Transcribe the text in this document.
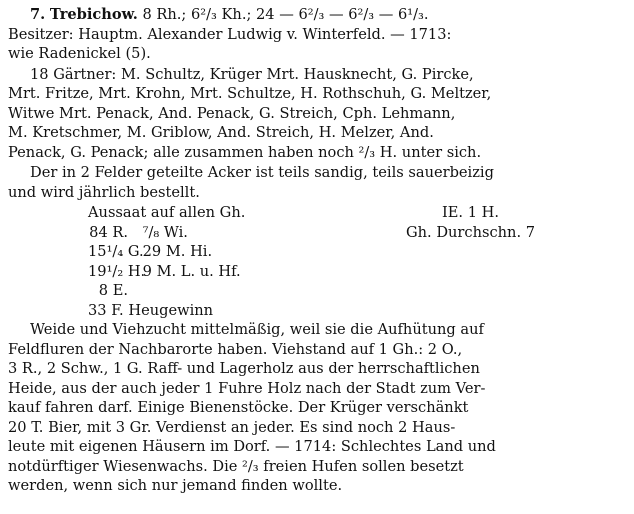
7. Trebichow. 8 Rh.; 6²/₃ Kh.; 24 — 6²/₃ — 6²/₃ — 6¹/₃.

Besitzer: Hauptm. Alexander Ludwig v. Winterfeld. — 1713:
wie Radenickel (5).
18 Gärtner: M. Schultz, Krüger Mrt. Hausknecht, G. Pircke,
Mrt. Fritze, Mrt. Krohn, Mrt. Schultze, H. Rothschuh, G. Meltzer,
Witwe Mrt. Penack, And. Penack, G. Streich, Cph. Lehmann,
M. Kretschmer, M. Griblow, And. Streich, H. Melzer, And.
Penack, G. Penack; alle zusammen haben noch ²/₃ H. unter sich.
Der in 2 Felder geteilte Acker ist teils sandig, teils sauerbeizig
und wird jährlich bestellt.
Aussaat auf allen Gh.
84 R. ⁷/₈ Wi.
15¹/₄ G. 29 M. Hi.
19¹/₂ H. 9 M. L. u. Hf.
8 E.
33 F. Heugewinn
IE. 1 H.
Gh. Durchschn. 7
Weide und Viehzucht mittelmäßig, weil sie die Aufhütung auf
Feldfluren der Nachbarorte haben. Viehstand auf 1 Gh.: 2 O.,
3 R., 2 Schw., 1 G. Raff- und Lagerholz aus der herrschaftlichen
Heide, aus der auch jeder 1 Fuhre Holz nach der Stadt zum Ver-
kauf fahren darf. Einige Bienenstöcke. Der Krüger verschänkt
20 T. Bier, mit 3 Gr. Verdienst an jeder. Es sind noch 2 Haus-
leute mit eigenen Häusern im Dorf. — 1714: Schlechtes Land und
notdürftiger Wiesenwachs. Die ²/₃ freien Hufen sollen besetzt
werden, wenn sich nur jemand finden wollte.
